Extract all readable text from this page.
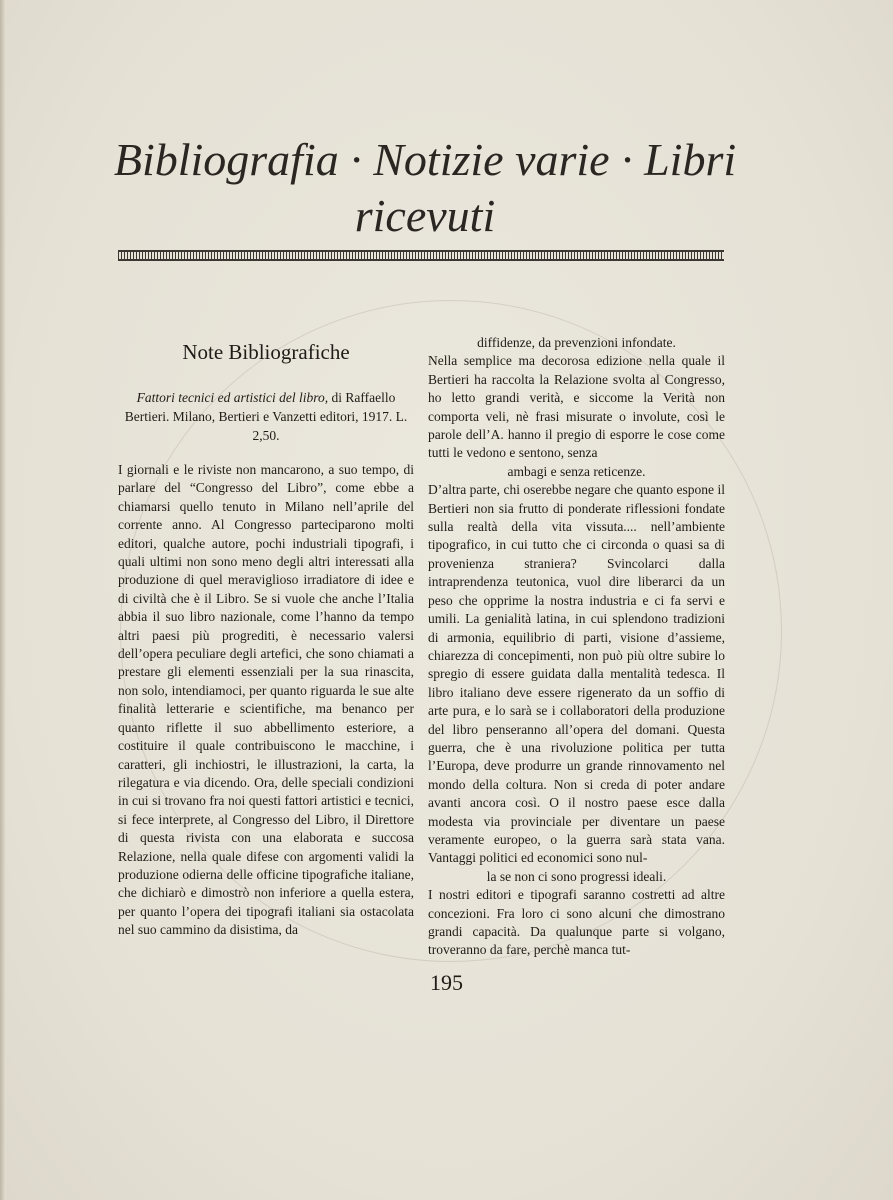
Bibliografia · Notizie varie · Libri ricevuti
Note Bibliografiche

Fattori tecnici ed artistici del libro, di Raffaello Bertieri. Milano, Bertieri e Vanzetti editori, 1917. L. 2,50.

I giornali e le riviste non mancarono, a suo tempo, di parlare del “Congresso del Libro”, come ebbe a chiamarsi quello tenuto in Milano nell’aprile del corrente anno. Al Congresso parteciparono molti editori, qualche autore, pochi industriali tipografi, i quali ultimi non sono meno degli altri interessati alla produzione di quel meraviglioso irradiatore di idee e di civiltà che è il Libro. Se si vuole che anche l’Italia abbia il suo libro nazionale, come l’hanno da tempo altri paesi più progrediti, è necessario valersi dell’opera peculiare degli artefici, che sono chiamati a prestare gli elementi essenziali per la sua rinascita, non solo, intendiamoci, per quanto riguarda le sue alte finalità letterarie e scientifiche, ma benanco per quanto riflette il suo abbellimento esteriore, a costituire il quale contribuiscono le macchine, i caratteri, gli inchiostri, le illustrazioni, la carta, la rilegatura e via dicendo. Ora, delle speciali condizioni in cui si trovano fra noi questi fattori artistici e tecnici, si fece interprete, al Congresso del Libro, il Direttore di questa rivista con una elaborata e succosa Relazione, nella quale difese con argomenti validi la produzione odierna delle officine tipografiche italiane, che dichiarò e dimostrò non inferiore a quella estera, per quanto l’opera dei tipografi italiani sia ostacolata nel suo cammino da disistima, da

diffidenze, da prevenzioni infondate.

Nella semplice ma decorosa edizione nella quale il Bertieri ha raccolta la Relazione svolta al Congresso, ho letto grandi verità, e siccome la Verità non comporta veli, nè frasi misurate o involute, così le parole dell’A. hanno il pregio di esporre le cose come tutti le vedono e sentono, senza

ambagi e senza reticenze.

D’altra parte, chi oserebbe negare che quanto espone il Bertieri non sia frutto di ponderate riflessioni fondate sulla realtà della vita vissuta.... nell’ambiente tipografico, in cui tutto che ci circonda o quasi sa di provenienza straniera? Svincolarci dalla intraprendenza teutonica, vuol dire liberarci da un peso che opprime la nostra industria e ci fa servi e umili. La genialità latina, in cui splendono tradizioni di armonia, equilibrio di parti, visione d’assieme, chiarezza di concepimenti, non può più oltre subire lo spregio di essere guidata dalla mentalità tedesca. Il libro italiano deve essere rigenerato da un soffio di arte pura, e lo sarà se i collaboratori della produzione del libro penseranno all’opera del domani. Questa guerra, che è una rivoluzione politica per tutta l’Europa, deve produrre un grande rinnovamento nel mondo della coltura. Non si creda di poter andare avanti ancora così. O il nostro paese esce dalla modesta via provinciale per diventare un paese veramente europeo, o la guerra sarà stata vana. Vantaggi politici ed economici sono nul-

la se non ci sono progressi ideali.

I nostri editori e tipografi saranno costretti ad altre concezioni. Fra loro ci sono alcuni che dimostrano grandi capacità. Da qualunque parte si volgano, troveranno da fare, perchè manca tut-

195
